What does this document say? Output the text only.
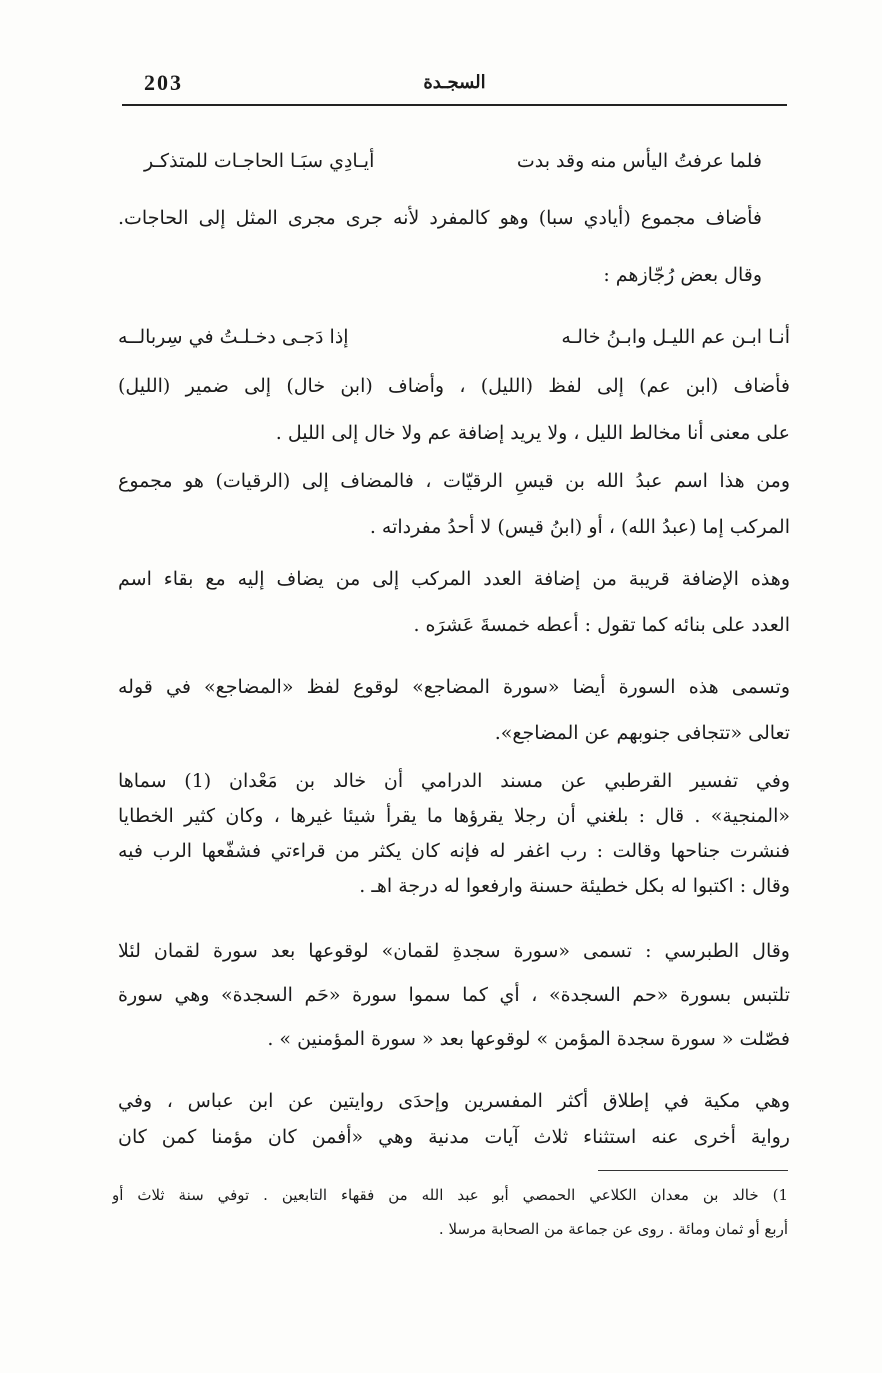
203	السجـدة
فلما عرفتُ اليأس منه وقد بدت
أيـادِي سبَـا الحاجـات للمتذكـر
فأضاف مجموع (أيادي سبا) وهو كالمفرد لأنه جرى مجرى المثل إلى الحاجات.
وقال بعض رُجّازهم :
أنـا ابـن عم الليـل وابـنُ خالـه
إذا دَجـى دخـلـتُ في سِربالــه
فأضاف (ابن عم) إلى لفظ (الليل) ، وأضاف (ابن خال) إلى ضمير (الليل)
على معنى أنا مخالط الليل ، ولا يريد إضافة عم ولا خال إلى الليل .
ومن هذا اسم عبدُ الله بن قيسِ الرقيّات ، فالمضاف إلى (الرقيات) هو مجموع
المركب إما (عبدُ الله) ، أو (ابنُ قيس) لا أحدُ مفرداته .
وهذه الإضافة قريبة من إضافة العدد المركب إلى من يضاف إليه مع بقاء اسم
العدد على بنائه كما تقول : أعطه خمسةَ عَشرَه .
وتسمى هذه السورة أيضا «سورة المضاجع» لوقوع لفظ «المضاجع» في قوله
تعالى «تتجافى جنوبهم عن المضاجع».
وفي تفسير القرطبي عن مسند الدرامي أن خالد بن مَعْدان (1) سماها
«المنجية» . قال : بلغني أن رجلا يقرؤها ما يقرأ شيئا غيرها ، وكان كثير الخطايا
فنشرت جناحها وقالت : رب اغفر له فإنه كان يكثر من قراءتي فشفّعها الرب فيه
وقال : اكتبوا له بكل خطيئة حسنة وارفعوا له درجة اهـ .
وقال الطبرسي : تسمى «سورة سجدةِ لقمان» لوقوعها بعد سورة لقمان لئلا
تلتبس بسورة «حم السجدة» ، أي كما سموا سورة «حَم السجدة» وهي سورة
فصّلت « سورة سجدة المؤمن » لوقوعها بعد « سورة المؤمنين » .
وهي مكية في إطلاق أكثر المفسرين وإحدَى روايتين عن ابن عباس ، وفي
رواية أخرى عنه استثناء ثلاث آيات مدنية وهي «أفمن كان مؤمنا كمن كان
1) خالد بن معدان الكلاعي الحمصي أبو عبد الله من فقهاء التابعين . توفي سنة ثلاث أو
أربع أو ثمان ومائة . روى عن جماعة من الصحابة مرسلا .
